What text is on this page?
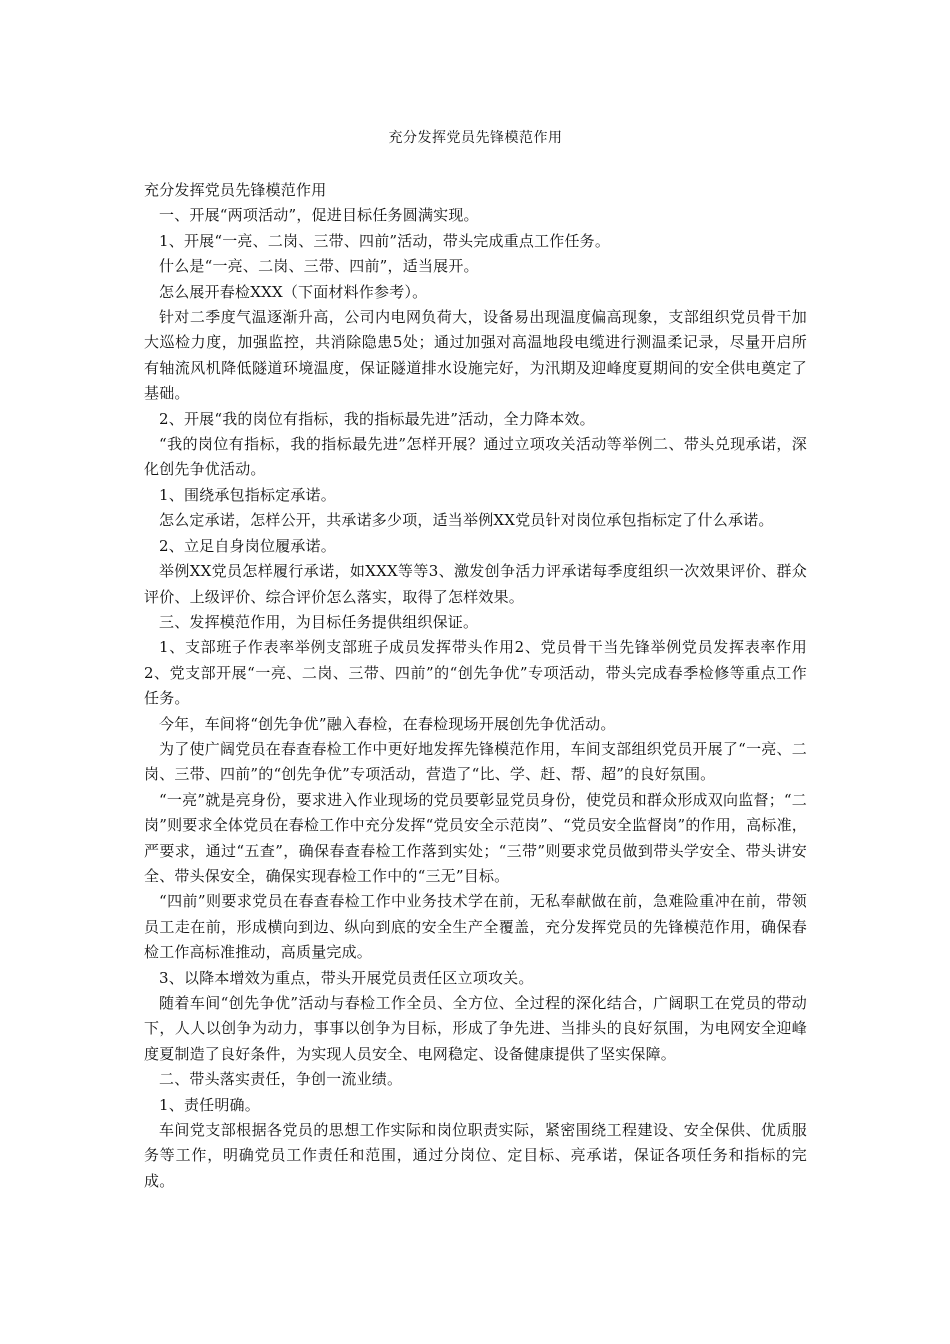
充分发挥党员先锋模范作用

充分发挥党员先锋模范作用

一、开展“两项活动”，促进目标任务圆满实现。

1、开展“一亮、二岗、三带、四前”活动，带头完成重点工作任务。

什么是“一亮、二岗、三带、四前”，适当展开。

怎么展开春检XXX（下面材料作参考）。

针对二季度气温逐渐升高，公司内电网负荷大，设备易出现温度偏高现象，支部组织党员骨干加大巡检力度，加强监控，共消除隐患5处；通过加强对高温地段电缆进行测温柔记录，尽量开启所有轴流风机降低隧道环境温度，保证隧道排水设施完好，为汛期及迎峰度夏期间的安全供电奠定了基础。

2、开展“我的岗位有指标，我的指标最先进”活动，全力降本效。

“我的岗位有指标，我的指标最先进”怎样开展？通过立项攻关活动等举例二、带头兑现承诺，深化创先争优活动。

1、围绕承包指标定承诺。

怎么定承诺，怎样公开，共承诺多少项，适当举例XX党员针对岗位承包指标定了什么承诺。

2、立足自身岗位履承诺。

举例XX党员怎样履行承诺，如XXX等等3、激发创争活力评承诺每季度组织一次效果评价、群众评价、上级评价、综合评价怎么落实，取得了怎样效果。

三、发挥模范作用，为目标任务提供组织保证。

1、支部班子作表率举例支部班子成员发挥带头作用2、党员骨干当先锋举例党员发挥表率作用2、党支部开展“一亮、二岗、三带、四前”的“创先争优”专项活动，带头完成春季检修等重点工作任务。

今年，车间将“创先争优”融入春检，在春检现场开展创先争优活动。

为了使广阔党员在春查春检工作中更好地发挥先锋模范作用，车间支部组织党员开展了“一亮、二岗、三带、四前”的“创先争优”专项活动，营造了“比、学、赶、帮、超”的良好氛围。

“一亮”就是亮身份，要求进入作业现场的党员要彰显党员身份，使党员和群众形成双向监督；“二岗”则要求全体党员在春检工作中充分发挥“党员安全示范岗”、“党员安全监督岗”的作用，高标准，严要求，通过“五查”，确保春查春检工作落到实处；“三带”则要求党员做到带头学安全、带头讲安全、带头保安全，确保实现春检工作中的“三无”目标。

“四前”则要求党员在春查春检工作中业务技术学在前，无私奉献做在前，急难险重冲在前，带领员工走在前，形成横向到边、纵向到底的安全生产全覆盖，充分发挥党员的先锋模范作用，确保春检工作高标准推动，高质量完成。

3、以降本增效为重点，带头开展党员责任区立项攻关。

随着车间“创先争优”活动与春检工作全员、全方位、全过程的深化结合，广阔职工在党员的带动下，人人以创争为动力，事事以创争为目标，形成了争先进、当排头的良好氛围，为电网安全迎峰度夏制造了良好条件，为实现人员安全、电网稳定、设备健康提供了坚实保障。

二、带头落实责任，争创一流业绩。

1、责任明确。

车间党支部根据各党员的思想工作实际和岗位职责实际，紧密围绕工程建设、安全保供、优质服务等工作，明确党员工作责任和范围，通过分岗位、定目标、亮承诺，保证各项任务和指标的完成。
